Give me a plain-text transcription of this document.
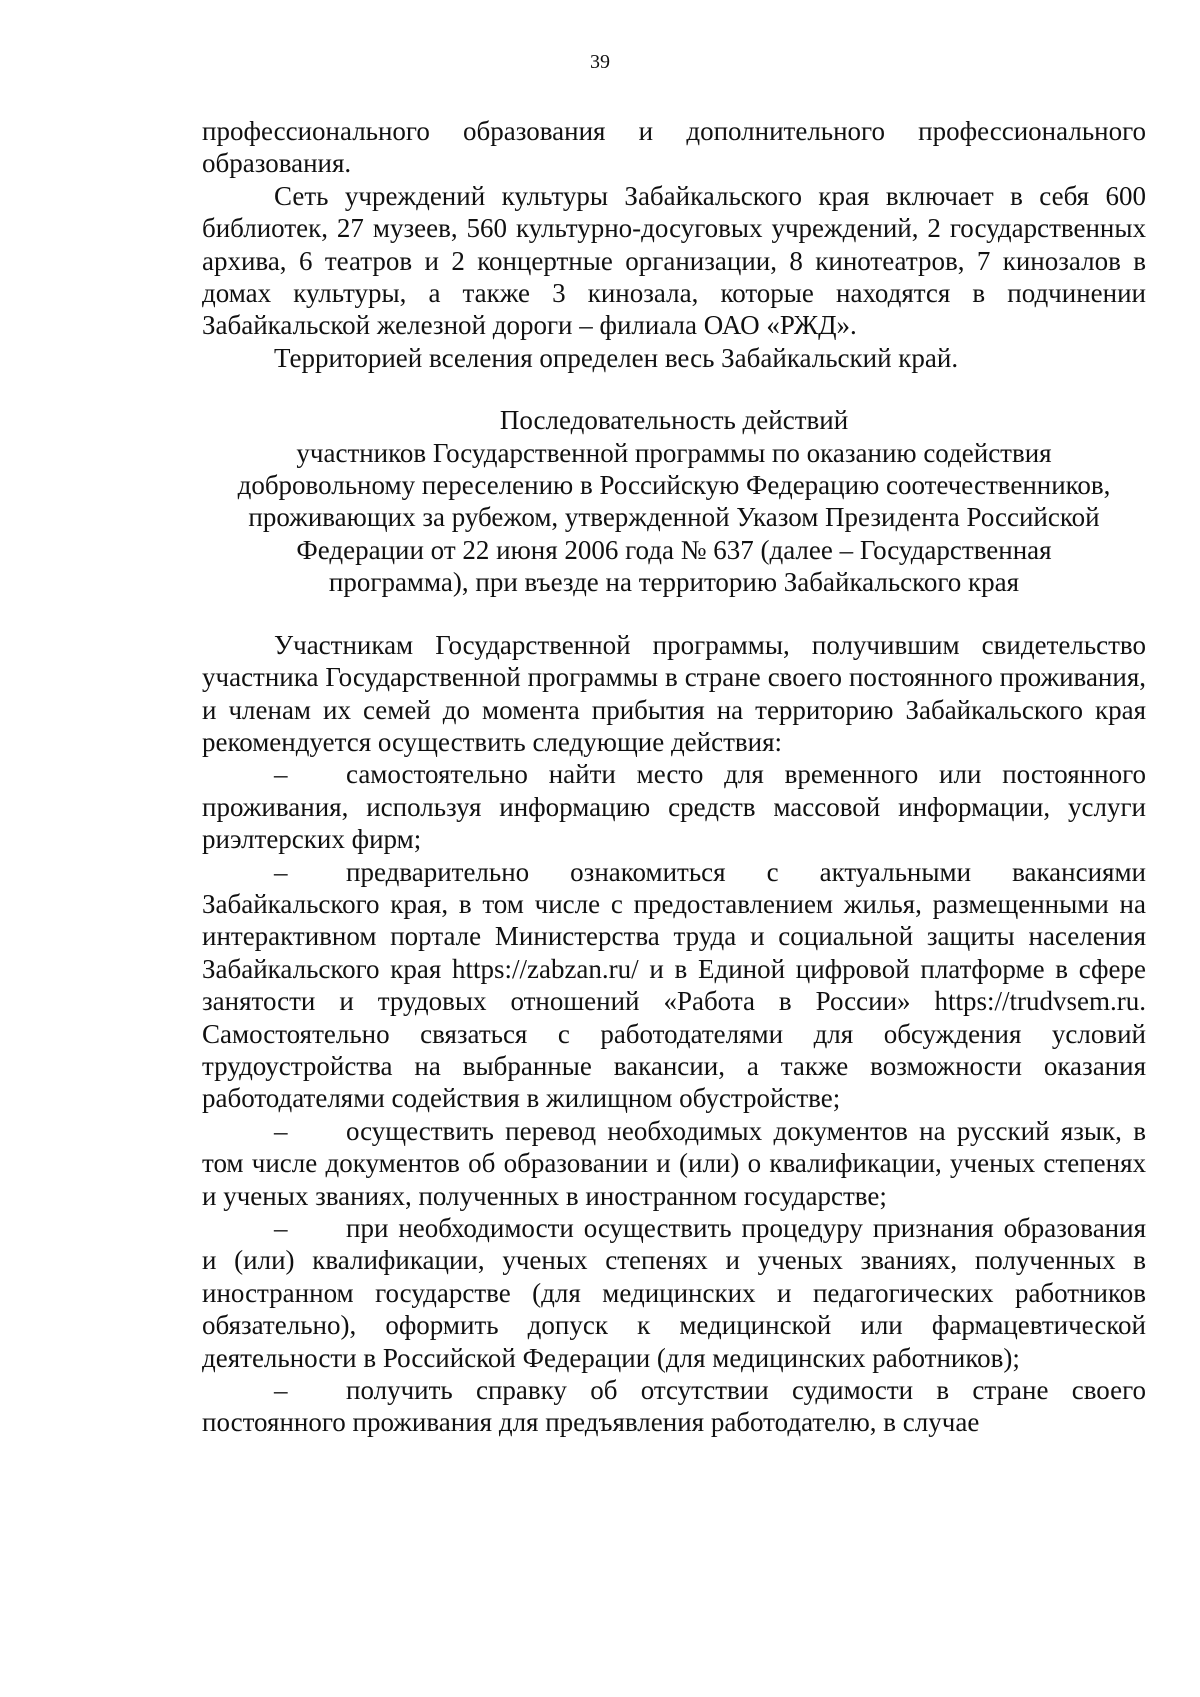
39

профессионального образования и дополнительного профессионального образования.

Сеть учреждений культуры Забайкальского края включает в себя 600 библиотек, 27 музеев, 560 культурно-досуговых учреждений, 2 государственных архива, 6 театров и 2 концертные организации, 8 кинотеатров, 7 кинозалов в домах культуры, а также 3 кинозала, которые находятся в подчинении Забайкальской железной дороги – филиала ОАО «РЖД».

Территорией вселения определен весь Забайкальский край.

Последовательность действий
участников Государственной программы по оказанию содействия
добровольному переселению в Российскую Федерацию соотечественников,
проживающих за рубежом, утвержденной Указом Президента Российской
Федерации от 22 июня 2006 года № 637 (далее – Государственная
программа), при въезде на территорию Забайкальского края

Участникам Государственной программы, получившим свидетельство участника Государственной программы в стране своего постоянного проживания, и членам их семей до момента прибытия на территорию Забайкальского края рекомендуется осуществить следующие действия:

– самостоятельно найти место для временного или постоянного проживания, используя информацию средств массовой информации, услуги риэлтерских фирм;

– предварительно ознакомиться с актуальными вакансиями Забайкальского края, в том числе с предоставлением жилья, размещенными на интерактивном портале Министерства труда и социальной защиты населения Забайкальского края https://zabzan.ru/ и в Единой цифровой платформе в сфере занятости и трудовых отношений «Работа в России» https://trudvsem.ru. Самостоятельно связаться с работодателями для обсуждения условий трудоустройства на выбранные вакансии, а также возможности оказания работодателями содействия в жилищном обустройстве;

– осуществить перевод необходимых документов на русский язык, в том числе документов об образовании и (или) о квалификации, ученых степенях и ученых званиях, полученных в иностранном государстве;

– при необходимости осуществить процедуру признания образования и (или) квалификации, ученых степенях и ученых званиях, полученных в иностранном государстве (для медицинских и педагогических работников обязательно), оформить допуск к медицинской или фармацевтической деятельности в Российской Федерации (для медицинских работников);

– получить справку об отсутствии судимости в стране своего постоянного проживания для предъявления работодателю, в случае
